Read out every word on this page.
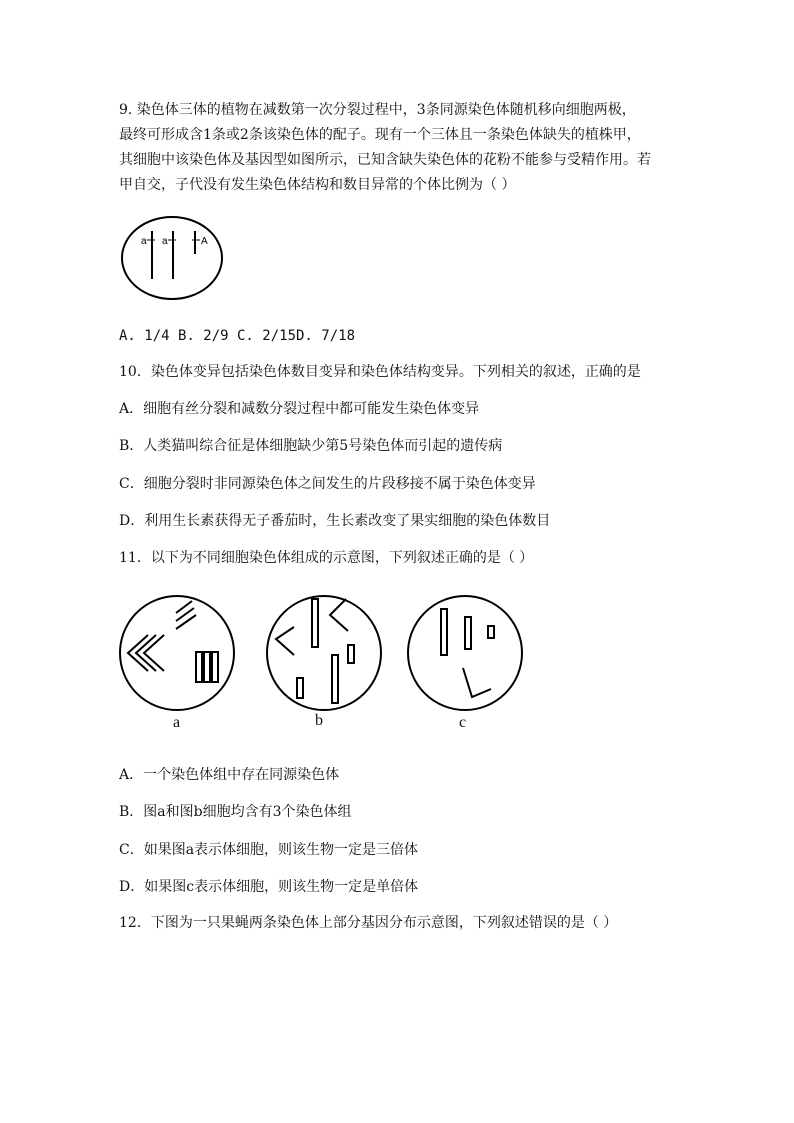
9. 染色体三体的植物在减数第一次分裂过程中，3条同源染色体随机移向细胞两极，
最终可形成含1条或2条该染色体的配子。现有一个三体且一条染色体缺失的植株甲，
其细胞中该染色体及基因型如图所示，已知含缺失染色体的花粉不能参与受精作用。若
甲自交，子代没有发生染色体结构和数目异常的个体比例为（ ）
a a	A
A. 1/4 B. 2/9 C. 2/15D. 7/18
10．染色体变异包括染色体数目变异和染色体结构变异。下列相关的叙述，正确的是
A．细胞有丝分裂和减数分裂过程中都可能发生染色体变异
B．人类猫叫综合征是体细胞缺少第5号染色体而引起的遗传病
C．细胞分裂时非同源染色体之间发生的片段移接不属于染色体变异
D．利用生长素获得无子番茄时，生长素改变了果实细胞的染色体数目
11．以下为不同细胞染色体组成的示意图，下列叙述正确的是（ ）
a	b	c
A．一个染色体组中存在同源染色体
B．图a和图b细胞均含有3个染色体组
C．如果图a表示体细胞，则该生物一定是三倍体
D．如果图c表示体细胞，则该生物一定是单倍体
12．下图为一只果蝇两条染色体上部分基因分布示意图，下列叙述错误的是（ ）
